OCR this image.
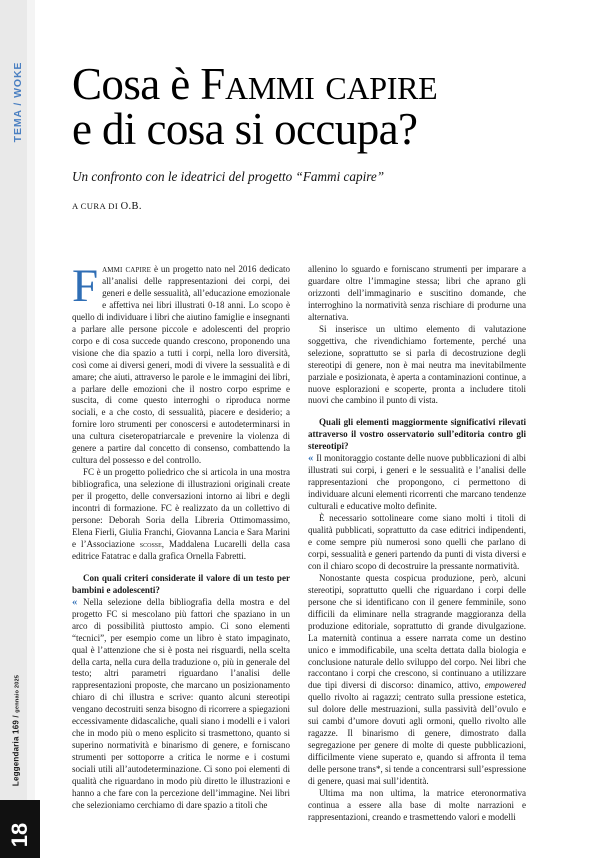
TEMA / WOKE
Leggendaria 169 / gennaio 2025
18
Cosa è Fammi capire
e di cosa si occupa?

Un confronto con le ideatrici del progetto “Fammi capire”

A CURA DI O.B.

Fammi capire è un progetto nato nel 2016 dedicato all’analisi delle rappresentazioni dei corpi, dei generi e delle sessualità, all’educazione emozionale e affettiva nei libri illustrati 0-18 anni. Lo scopo è quello di individuare i libri che aiutino famiglie e insegnanti a parlare alle persone piccole e adolescenti del proprio corpo e di cosa succede quando crescono, proponendo una visione che dia spazio a tutti i corpi, nella loro diversità, così come ai diversi generi, modi di vivere la sessualità e di amare; che aiuti, attraverso le parole e le immagini dei libri, a parlare delle emozioni che il nostro corpo esprime e suscita, di come questo interroghi o riproduca norme sociali, e a che costo, di sessualità, piacere e desiderio; a fornire loro strumenti per conoscersi e autodeterminarsi in una cultura ciseteropatriarcale e prevenire la violenza di genere a partire dal concetto di consenso, combattendo la cultura del possesso e del controllo.

FC è un progetto poliedrico che si articola in una mostra bibliografica, una selezione di illustrazioni originali create per il progetto, delle conversazioni intorno ai libri e degli incontri di formazione. FC è realizzato da un collettivo di persone: Deborah Soria della Libreria Ottimomassimo, Elena Fierli, Giulia Franchi, Giovanna Lancia e Sara Marini e l’Associazione scosse, Maddalena Lucarelli della casa editrice Fatatrac e dalla grafica Ornella Fabretti.

Con quali criteri considerate il valore di un testo per bambini e adolescenti?

« Nella selezione della bibliografia della mostra e del progetto FC si mescolano più fattori che spaziano in un arco di possibilità piuttosto ampio. Ci sono elementi “tecnici”, per esempio come un libro è stato impaginato, qual è l’attenzione che si è posta nei risguardi, nella scelta della carta, nella cura della traduzione o, più in generale del testo; altri parametri riguardano l’analisi delle rappresentazioni proposte, che marcano un posizionamento chiaro di chi illustra e scrive: quanto alcuni stereotipi vengano decostruiti senza bisogno di ricorrere a spiegazioni eccessivamente didascaliche, quali siano i modelli e i valori che in modo più o meno esplicito si trasmettono, quanto si superino normatività e binarismo di genere, e forniscano strumenti per sottoporre a critica le norme e i costumi sociali utili all’autodeterminazione. Ci sono poi elementi di qualità che riguardano in modo più diretto le illustrazioni e hanno a che fare con la percezione dell’immagine. Nei libri che selezioniamo cerchiamo di dare spazio a titoli che

allenino lo sguardo e forniscano strumenti per imparare a guardare oltre l’immagine stessa; libri che aprano gli orizzonti dell’immaginario e suscitino domande, che interroghino la normatività senza rischiare di produrne una alternativa.

Si inserisce un ultimo elemento di valutazione soggettiva, che rivendichiamo fortemente, perché una selezione, soprattutto se si parla di decostruzione degli stereotipi di genere, non è mai neutra ma inevitabilmente parziale e posizionata, è aperta a contaminazioni continue, a nuove esplorazioni e scoperte, pronta a includere titoli nuovi che cambino il punto di vista.

Quali gli elementi maggiormente significativi rilevati attraverso il vostro osservatorio sull’editoria contro gli stereotipi?

« Il monitoraggio costante delle nuove pubblicazioni di albi illustrati sui corpi, i generi e le sessualità e l’analisi delle rappresentazioni che propongono, ci permettono di individuare alcuni elementi ricorrenti che marcano tendenze culturali e educative molto definite.

È necessario sottolineare come siano molti i titoli di qualità pubblicati, soprattutto da case editrici indipendenti, e come sempre più numerosi sono quelli che parlano di corpi, sessualità e generi partendo da punti di vista diversi e con il chiaro scopo di decostruire la pressante normatività.

Nonostante questa cospicua produzione, però, alcuni stereotipi, soprattutto quelli che riguardano i corpi delle persone che si identificano con il genere femminile, sono difficili da eliminare nella stragrande maggioranza della produzione editoriale, soprattutto di grande divulgazione. La maternità continua a essere narrata come un destino unico e immodificabile, una scelta dettata dalla biologia e conclusione naturale dello sviluppo del corpo. Nei libri che raccontano i corpi che crescono, si continuano a utilizzare due tipi diversi di discorso: dinamico, attivo, empowered quello rivolto ai ragazzi; centrato sulla pressione estetica, sul dolore delle mestruazioni, sulla passività dell’ovulo e sui cambi d’umore dovuti agli ormoni, quello rivolto alle ragazze. Il binarismo di genere, dimostrato dalla segregazione per genere di molte di queste pubblicazioni, difficilmente viene superato e, quando si affronta il tema delle persone trans*, si tende a concentrarsi sull’espressione di genere, quasi mai sull’identità.

Ultima ma non ultima, la matrice eteronormativa continua a essere alla base di molte narrazioni e rappresentazioni, creando e trasmettendo valori e modelli
